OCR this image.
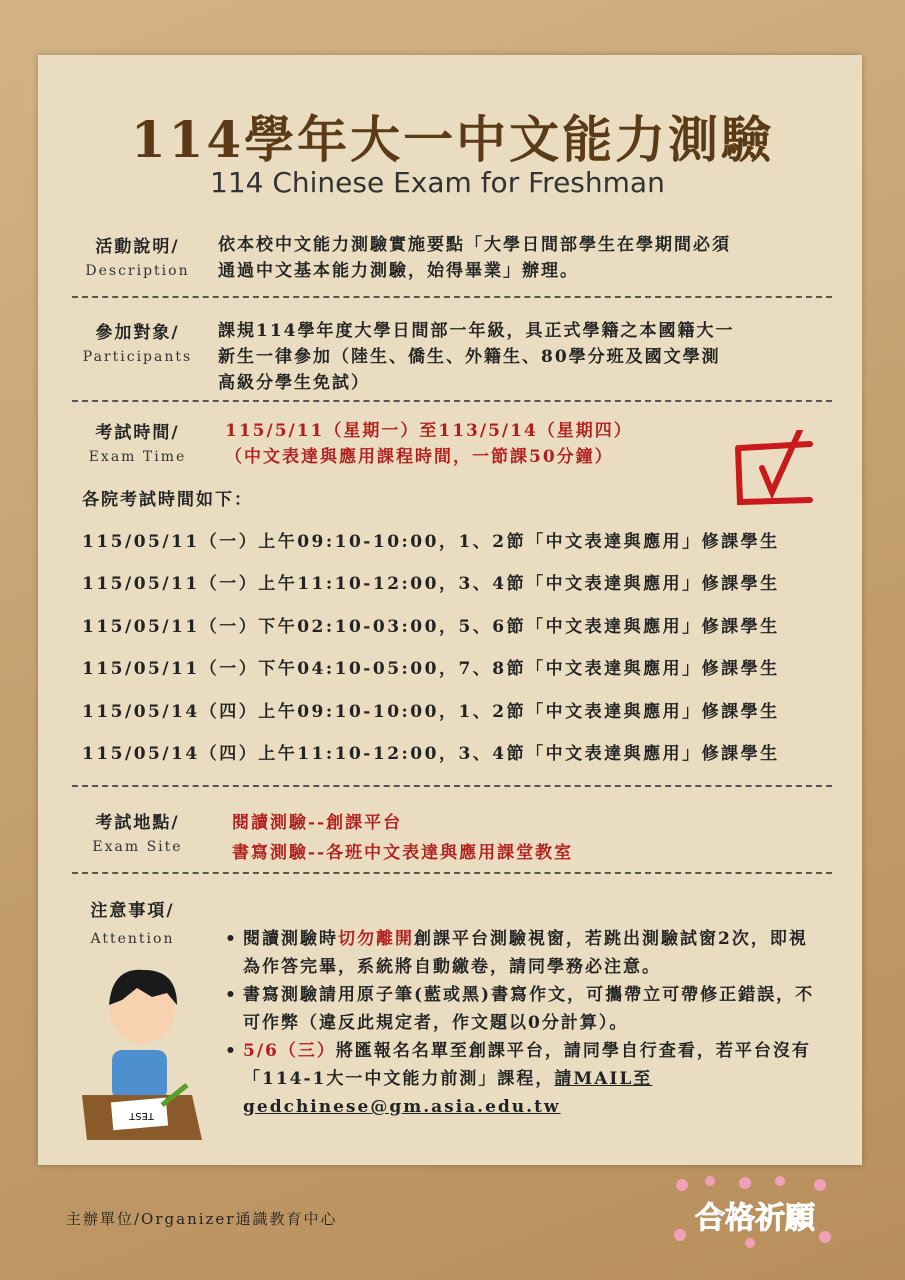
114學年大一中文能力測驗
114 Chinese Exam for Freshman
活動說明/
Description
依本校中文能力測驗實施要點「大學日間部學生在學期間必須
通過中文基本能力測驗，始得畢業」辦理。
參加對象/
Participants
課規114學年度大學日間部一年級，具正式學籍之本國籍大一
新生一律參加（陸生、僑生、外籍生、80學分班及國文學測
高級分學生免試）
考試時間/
Exam Time
115/5/11（星期一）至113/5/14（星期四）
（中文表達與應用課程時間，一節課50分鐘）
各院考試時間如下：
115/05/11（一）上午09:10-10:00，1、2節「中文表達與應用」修課學生
115/05/11（一）上午11:10-12:00，3、4節「中文表達與應用」修課學生
115/05/11（一）下午02:10-03:00，5、6節「中文表達與應用」修課學生
115/05/11（一）下午04:10-05:00，7、8節「中文表達與應用」修課學生
115/05/14（四）上午09:10-10:00，1、2節「中文表達與應用」修課學生
115/05/14（四）上午11:10-12:00，3、4節「中文表達與應用」修課學生
考試地點/
Exam Site
閱讀測驗--創課平台
書寫測驗--各班中文表達與應用課堂教室
注意事項/
Attention	• 閱讀測驗時切勿離開創課平台測驗視窗，若跳出測驗試窗2次，即視為作答完畢，系統將自動繳卷，請同學務必注意。
• 書寫測驗請用原子筆(藍或黑)書寫作文，可攜帶立可帶修正錯誤，不可作弊（違反此規定者，作文題以0分計算）。
• 5/6（三）將匯報名名單至創課平台，請同學自行查看，若平台沒有「114-1大一中文能力前測」課程，請MAIL至
gedchinese@gm.asia.edu.tw
TEST
主辦單位/Organizer通識教育中心	合格祈願
